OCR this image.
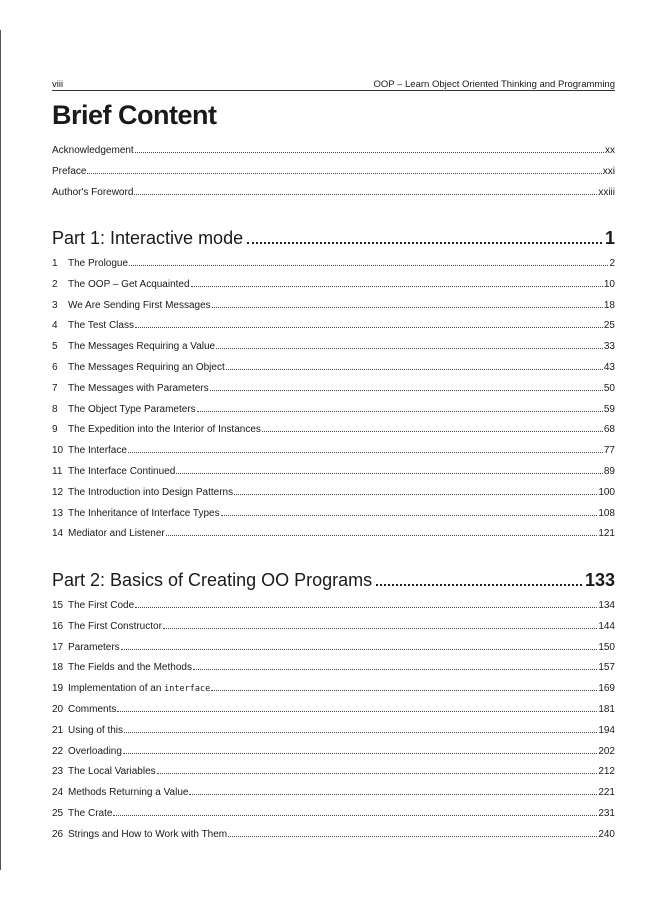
viii	OOP – Learn Object Oriented Thinking and Programming
Brief Content
Acknowledgement	xx
Preface	xxi
Author's Foreword	xxiii
Part 1: Interactive mode	1
1 The Prologue	2
2 The OOP – Get Acquainted	10
3 We Are Sending First Messages	18
4 The Test Class	25
5 The Messages Requiring a Value	33
6 The Messages Requiring an Object	43
7 The Messages with Parameters	50
8 The Object Type Parameters	59
9 The Expedition into the Interior of Instances	68
10 The Interface	77
11 The Interface Continued	89
12 The Introduction into Design Patterns	100
13 The Inheritance of Interface Types	108
14 Mediator and Listener	121
Part 2: Basics of Creating OO Programs	133
15 The First Code	134
16 The First Constructor	144
17 Parameters	150
18 The Fields and the Methods	157
19 Implementation of an interface	169
20 Comments	181
21 Using of this	194
22 Overloading	202
23 The Local Variables	212
24 Methods Returning a Value	221
25 The Crate	231
26 Strings and How to Work with Them	240
